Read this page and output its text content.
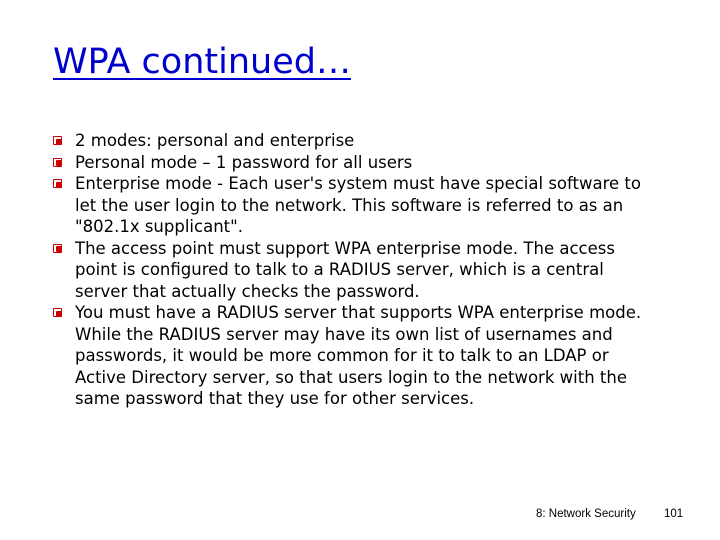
WPA continued…
2 modes: personal and enterprise
Personal mode – 1 password for all users
Enterprise mode - Each user's system must have special software to let the user login to the network. This software is referred to as an "802.1x supplicant".
The access point must support WPA enterprise mode. The access point is configured to talk to a RADIUS server, which is a central server that actually checks the password.
You must have a RADIUS server that supports WPA enterprise mode. While the RADIUS server may have its own list of usernames and passwords, it would be more common for it to talk to an LDAP or Active Directory server, so that users login to the network with the same password that they use for other services.
8: Network Security 101
